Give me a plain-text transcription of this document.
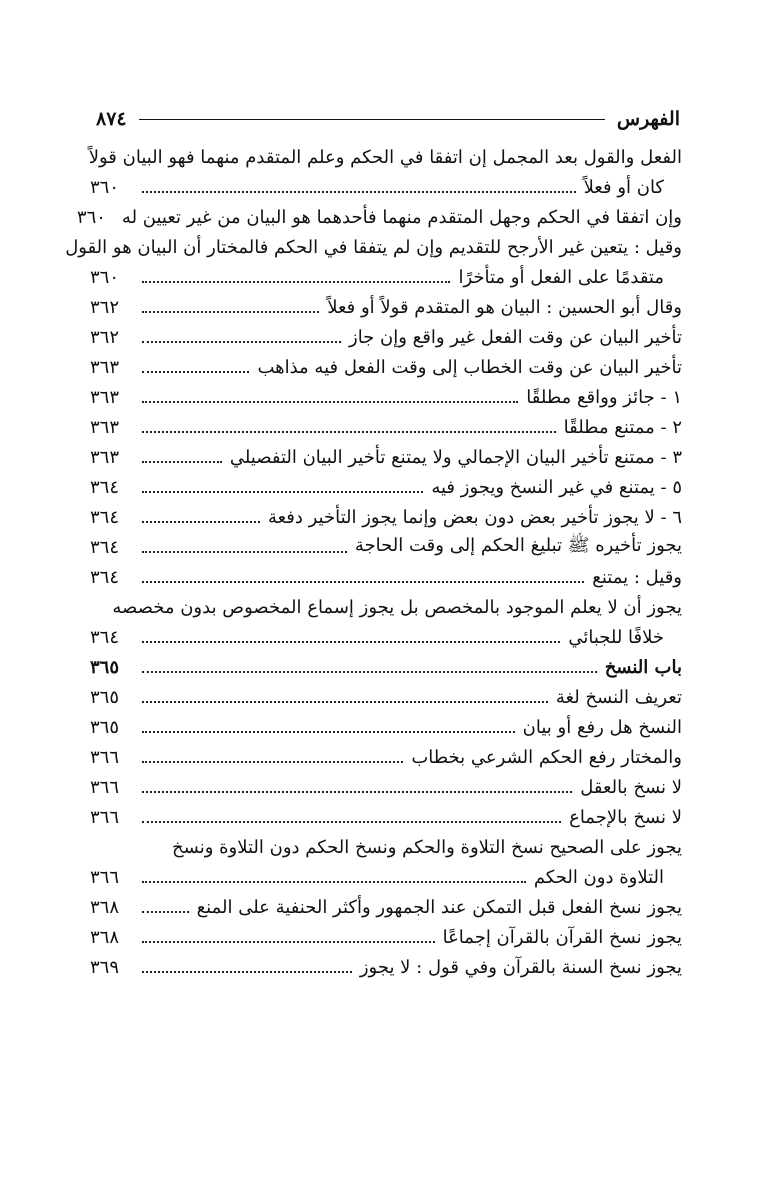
الفهرس
٨٧٤
الفعل والقول بعد المجمل إن اتفقا في الحكم وعلم المتقدم منهما فهو البيان قولاً
كان أو فعلاً
٣٦٠
وإن اتفقا في الحكم وجهل المتقدم منهما فأحدهما هو البيان من غير تعيين له
٣٦٠
وقيل : يتعين غير الأرجح للتقديم وإن لم يتفقا في الحكم فالمختار أن البيان هو القول
متقدمًا على الفعل أو متأخرًا
٣٦٠
وقال أبو الحسين : البيان هو المتقدم قولاً أو فعلاً
٣٦٢
تأخير البيان عن وقت الفعل غير واقع وإن جاز
٣٦٢
تأخير البيان عن وقت الخطاب إلى وقت الفعل فيه مذاهب
٣٦٣
١ - جائز وواقع مطلقًا
٣٦٣
٢ - ممتنع مطلقًا
٣٦٣
٣ - ممتنع تأخير البيان الإجمالي ولا يمتنع تأخير البيان التفصيلي
٣٦٣
٥ - يمتنع في غير النسخ ويجوز فيه
٣٦٤
٦ - لا يجوز تأخير بعض دون بعض وإنما يجوز التأخير دفعة
٣٦٤
يجوز تأخيره ﷺ تبليغ الحكم إلى وقت الحاجة
٣٦٤
وقيل : يمتنع
٣٦٤
يجوز أن لا يعلم الموجود بالمخصص بل يجوز إسماع المخصوص بدون مخصصه
خلافًا للجبائي
٣٦٤
باب النسخ
٣٦٥
تعريف النسخ لغة
٣٦٥
النسخ هل رفع أو بيان
٣٦٥
والمختار رفع الحكم الشرعي بخطاب
٣٦٦
لا نسخ بالعقل
٣٦٦
لا نسخ بالإجماع
٣٦٦
يجوز على الصحيح نسخ التلاوة والحكم ونسخ الحكم دون التلاوة ونسخ
التلاوة دون الحكم
٣٦٦
يجوز نسخ الفعل قبل التمكن عند الجمهور وأكثر الحنفية على المنع
٣٦٨
يجوز نسخ القرآن بالقرآن إجماعًا
٣٦٨
يجوز نسخ السنة بالقرآن وفي قول : لا يجوز
٣٦٩
